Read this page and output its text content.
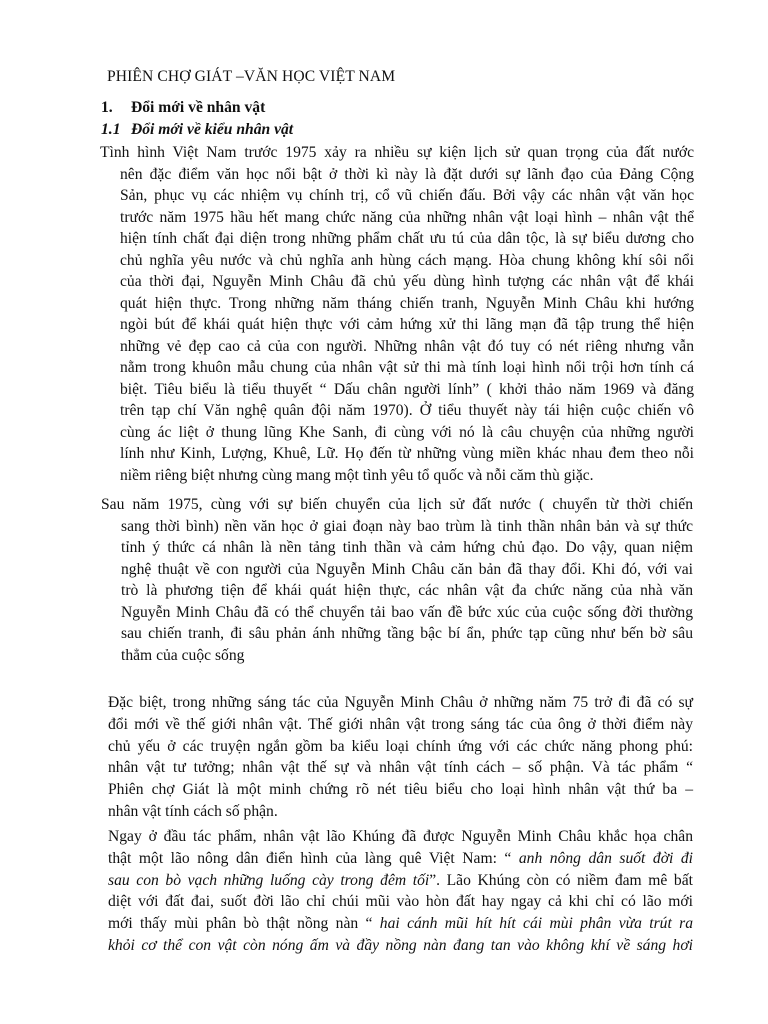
PHIÊN CHỢ GIÁT –VĂN HỌC VIỆT NAM
1. Đổi mới về nhân vật
1.1 Đổi mới về kiểu nhân vật
Tình hình Việt Nam trước 1975 xảy ra nhiều sự kiện lịch sử quan trọng của đất nước
nên đặc điểm văn học nổi bật ở thời kì này là đặt dưới sự lãnh đạo của Đảng Cộng
Sản, phục vụ các nhiệm vụ chính trị, cổ vũ chiến đấu. Bởi vậy các nhân vật văn học
trước năm 1975 hầu hết mang chức năng của những nhân vật loại hình – nhân vật thể
hiện tính chất đại diện trong những phẩm chất ưu tú của dân tộc, là sự biểu dương cho
chủ nghĩa yêu nước và chủ nghĩa anh hùng cách mạng. Hòa chung không khí sôi nổi
của thời đại, Nguyễn Minh Châu đã chủ yếu dùng hình tượng các nhân vật để khái
quát hiện thực. Trong những năm tháng chiến tranh, Nguyễn Minh Châu khi hướng
ngòi bút để khái quát hiện thực với cảm hứng xử thi lãng mạn đã tập trung thể hiện
những vẻ đẹp cao cả của con người. Những nhân vật đó tuy có nét riêng nhưng vẫn
nằm trong khuôn mẫu chung của nhân vật sử thi mà tính loại hình nổi trội hơn tính cá
biệt. Tiêu biểu là tiểu thuyết “ Dấu chân người lính” ( khởi thảo năm 1969 và đăng
trên tạp chí Văn nghệ quân đội năm 1970). Ở tiểu thuyết này tái hiện cuộc chiến vô
cùng ác liệt ở thung lũng Khe Sanh, đi cùng với nó là câu chuyện của những người
lính như Kinh, Lượng, Khuê, Lữ. Họ đến từ những vùng miền khác nhau đem theo nỗi
niềm riêng biệt nhưng cùng mang một tình yêu tổ quốc và nỗi căm thù giặc.
Sau năm 1975, cùng với sự biến chuyển của lịch sử đất nước ( chuyển từ thời chiến
sang thời bình) nền văn học ở giai đoạn này bao trùm là tinh thần nhân bản và sự thức
tỉnh ý thức cá nhân là nền tảng tinh thần và cảm hứng chủ đạo. Do vậy, quan niệm
nghệ thuật về con người của Nguyễn Minh Châu căn bản đã thay đổi. Khi đó, với vai
trò là phương tiện để khái quát hiện thực, các nhân vật đa chức năng của nhà văn
Nguyễn Minh Châu đã có thể chuyển tải bao vấn đề bức xúc của cuộc sống đời thường
sau chiến tranh, đi sâu phản ánh những tầng bậc bí ẩn, phức tạp cũng như bến bờ sâu
thẳm của cuộc sống
Đặc biệt, trong những sáng tác của Nguyễn Minh Châu ở những năm 75 trở đi đã có sự
đổi mới về thế giới nhân vật. Thế giới nhân vật trong sáng tác của ông ở thời điểm này
chủ yếu ở các truyện ngắn gồm ba kiểu loại chính ứng với các chức năng phong phú:
nhân vật tư tưởng; nhân vật thế sự và nhân vật tính cách – số phận. Và tác phẩm “
Phiên chợ Giát là một minh chứng rõ nét tiêu biểu cho loại hình nhân vật thứ ba –
nhân vật tính cách số phận.
Ngay ở đầu tác phẩm, nhân vật lão Khúng đã được Nguyễn Minh Châu khắc họa chân
thật một lão nông dân điển hình của làng quê Việt Nam: “ anh nông dân suốt đời đi
sau con bò vạch những luống cày trong đêm tối”. Lão Khúng còn có niềm đam mê bất
diệt với đất đai, suốt đời lão chỉ chúi mũi vào hòn đất hay ngay cả khi chỉ có lão mới
mới thấy mùi phân bò thật nồng nàn “ hai cánh mũi hít hít cái mùi phân vừa trút ra
khỏi cơ thể con vật còn nóng ấm và đầy nồng nàn đang tan vào không khí về sáng hơi
